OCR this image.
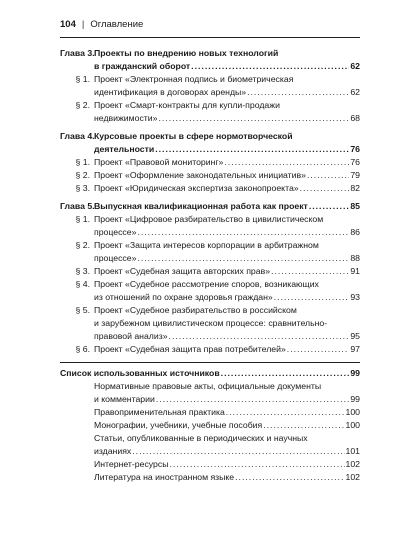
104 | Оглавление
Глава 3. Проекты по внедрению новых технологий
в гражданский оборот .....	62
§ 1. Проект «Электронная подпись и биометрическая
идентификация в договорах аренды» .....	62
§ 2. Проект «Смарт-контракты для купли-продажи
недвижимости» .....	68
Глава 4. Курсовые проекты в сфере нормотворческой
деятельности .....	76
§ 1. Проект «Правовой мониторинг» .....	76
§ 2. Проект «Оформление законодательных инициатив» .....	79
§ 3. Проект «Юридическая экспертиза законопроекта» .....	82
Глава 5. Выпускная квалификационная работа как проект .....	85
§ 1. Проект «Цифровое разбирательство в цивилистическом
процессе» .....	86
§ 2. Проект «Защита интересов корпорации в арбитражном
процессе» .....	88
§ 3. Проект «Судебная защита авторских прав» .....	91
§ 4. Проект «Судебное рассмотрение споров, возникающих
из отношений по охране здоровья граждан» .....	93
§ 5. Проект «Судебное разбирательство в российском
и зарубежном цивилистическом процессе: сравнительно-
правовой анализ» .....	95
§ 6. Проект «Судебная защита прав потребителей» .....	97
Список использованных источников .....	99
Нормативные правовые акты, официальные документы
и комментарии .....	99
Правоприменительная практика .....	100
Монографии, учебники, учебные пособия .....	100
Статьи, опубликованные в периодических и научных
изданиях .....	101
Интернет-ресурсы .....	102
Литература на иностранном языке .....	102
